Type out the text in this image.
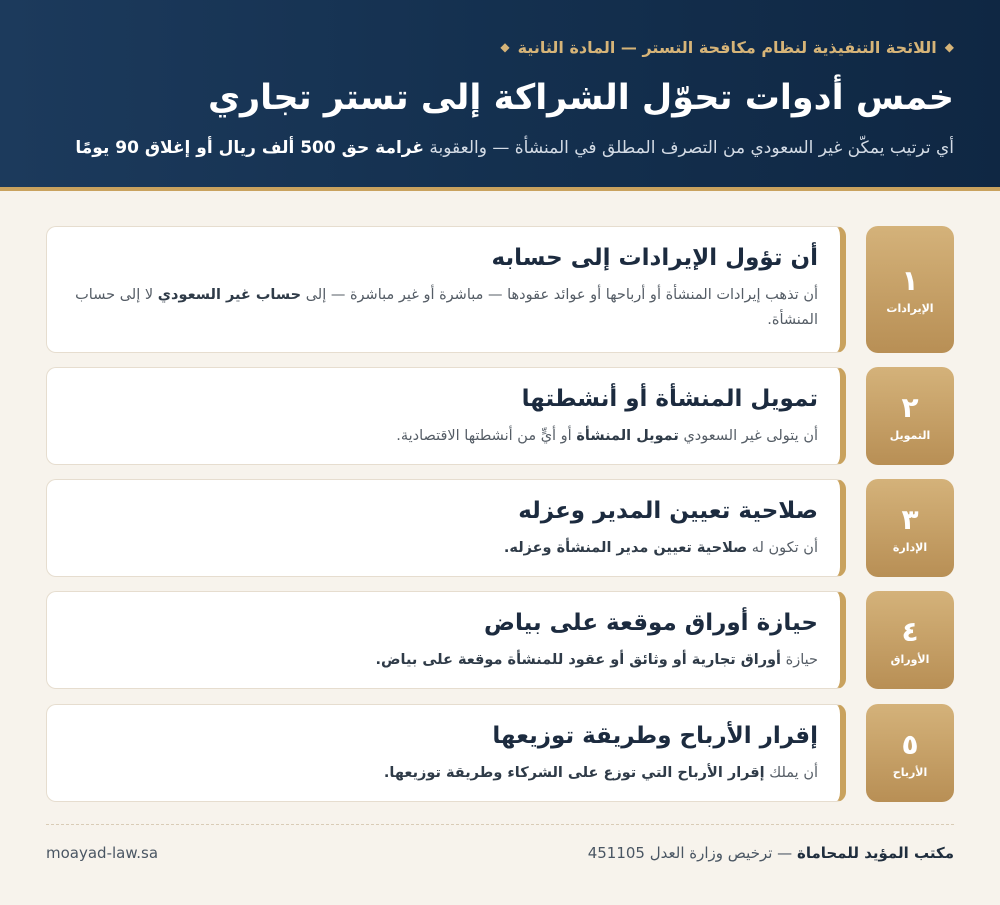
◆
اللائحة التنفيذية لنظام مكافحة التستر — المادة الثانية
◆
خمس أدوات تحوّل الشراكة إلى تستر تجاري
أي ترتيب يمكّن غير السعودي من التصرف المطلق في المنشأة — والعقوبة غرامة حق 500 ألف ريال أو إغلاق 90 يومًا
١
الإيرادات
أن تؤول الإيرادات إلى حسابه
أن تذهب إيرادات المنشأة أو أرباحها أو عوائد عقودها — مباشرة أو غير مباشرة — إلى حساب غير السعودي لا إلى حساب المنشأة.
٢
التمويل
تمويل المنشأة أو أنشطتها
أن يتولى غير السعودي تمويل المنشأة أو أيٍّ من أنشطتها الاقتصادية.
٣
الإدارة
صلاحية تعيين المدير وعزله
أن تكون له صلاحية تعيين مدير المنشأة وعزله.
٤
الأوراق
حيازة أوراق موقعة على بياض
حيازة أوراق تجارية أو وثائق أو عقود للمنشأة موقعة على بياض.
٥
الأرباح
إقرار الأرباح وطريقة توزيعها
أن يملك إقرار الأرباح التي توزع على الشركاء وطريقة توزيعها.
مكتب المؤيد للمحاماة — ترخيص وزارة العدل 451105
moayad-law.sa
